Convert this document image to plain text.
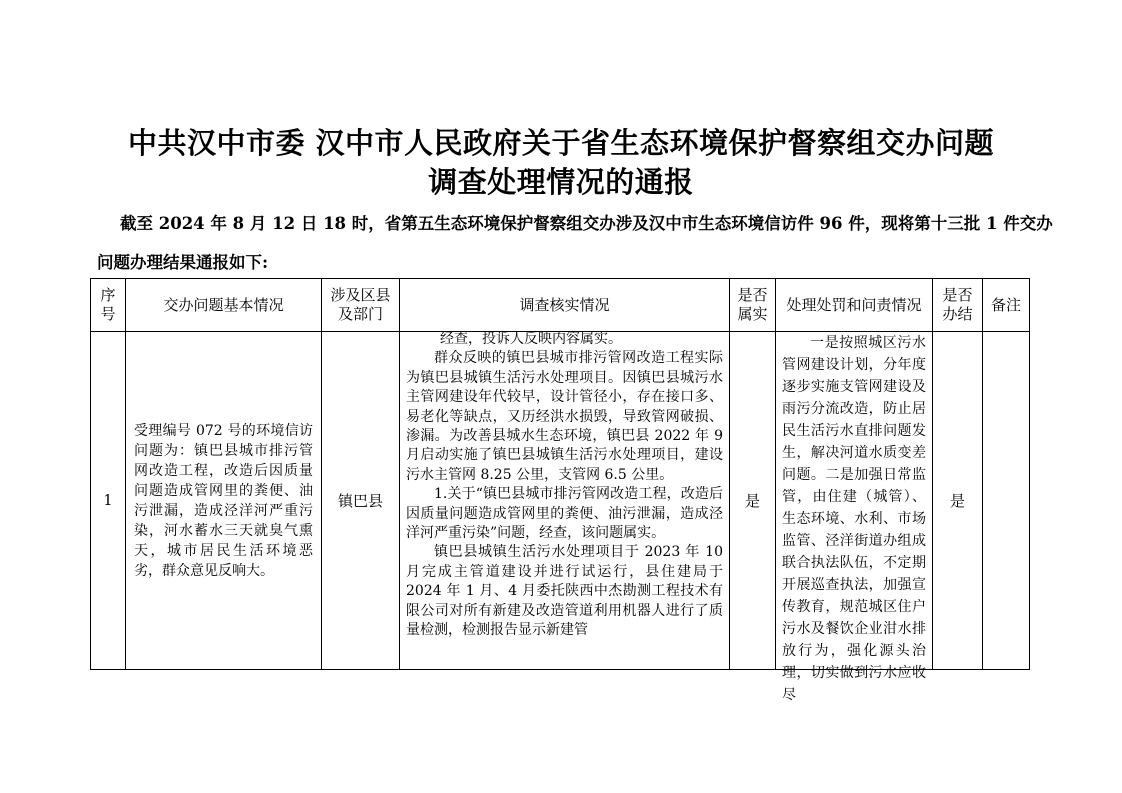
中共汉中市委 汉中市人民政府关于省生态环境保护督察组交办问题
调查处理情况的通报
截至 2024 年 8 月 12 日 18 时，省第五生态环境保护督察组交办涉及汉中市生态环境信访件 96 件，现将第十三批 1 件交办
问题办理结果通报如下:
序号	交办问题基本情况	涉及区县及部门	调查核实情况	是否属实	处理处罚和问责情况	是否办结	备注
1	受理编号 072 号的环境信访问题为：镇巴县城市排污管网改造工程，改造后因质量问题造成管网里的粪便、油污泄漏，造成泾洋河严重污染，河水蓄水三天就臭气熏天，城市居民生活环境恶劣，群众意见反响大。	镇巴县	经查，投诉人反映内容属实。

群众反映的镇巴县城市排污管网改造工程实际为镇巴县城镇生活污水处理项目。因镇巴县城污水主管网建设年代较早，设计管径小，存在接口多、易老化等缺点，又历经洪水损毁，导致管网破损、渗漏。为改善县城水生态环境，镇巴县 2022 年 9 月启动实施了镇巴县城镇生活污水处理项目，建设污水主管网 8.25 公里，支管网 6.5 公里。

1.关于“镇巴县城市排污管网改造工程，改造后因质量问题造成管网里的粪便、油污泄漏，造成泾洋河严重污染”问题，经查，该问题属实。

镇巴县城镇生活污水处理项目于 2023 年 10 月完成主管道建设并进行试运行，县住建局于 2024 年 1 月、4 月委托陕西中杰勘测工程技术有限公司对所有新建及改造管道利用机器人进行了质量检测，检测报告显示新建管	是	一是按照城区污水管网建设计划，分年度逐步实施支管网建设及雨污分流改造，防止居民生活污水直排问题发生，解决河道水质变差问题。二是加强日常监管，由住建（城管）、生态环境、水利、市场监管、泾洋街道办组成联合执法队伍，不定期开展巡查执法，加强宣传教育，规范城区住户污水及餐饮企业泔水排放行为，强化源头治理，切实做到污水应收尽	是	
